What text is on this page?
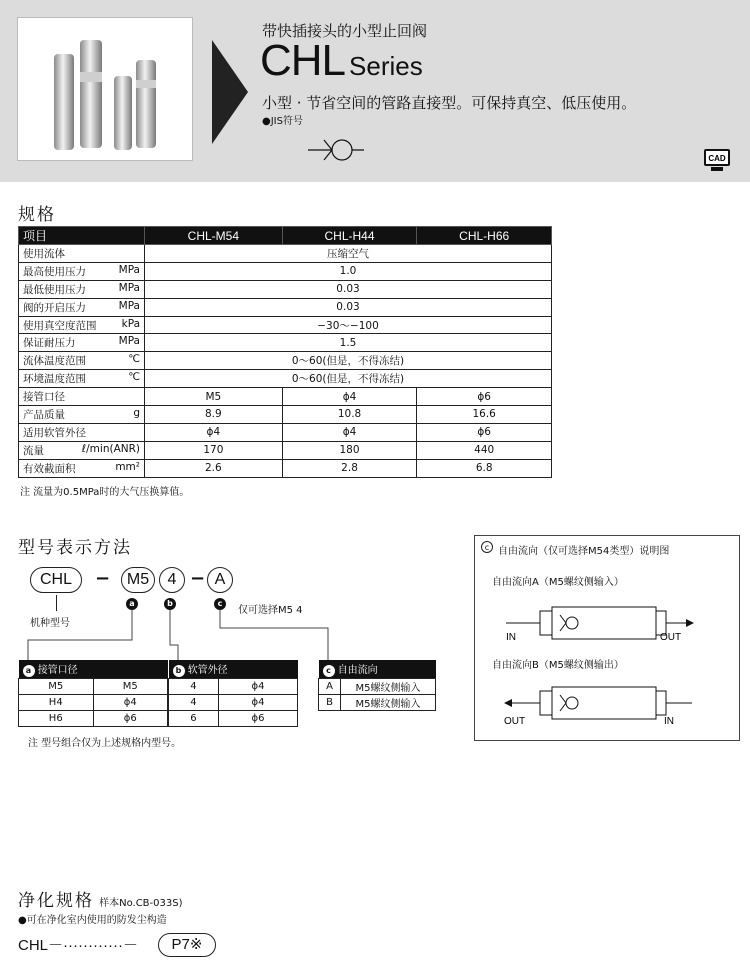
带快插接头的小型止回阀
CHL Series
小型 · 节省空间的管路直接型。可保持真空、低压使用。
●JIS符号
CAD
规格
项目	CHL-M54	CHL-H44	CHL-H66
使用流体	压缩空气		
最高使用压力 MPa	1.0		
最低使用压力 MPa	0.03		
阀的开启压力 MPa	0.03		
使用真空度范围 kPa	−30～−100		
保证耐压力 MPa	1.5		
流体温度范围 ℃	0～60(但是，不得冻结)		
环境温度范围 ℃	0～60(但是，不得冻结)		
接管口径	M5	ϕ4	ϕ6
产品质量 g	8.9	10.8	16.6
适用软管外径	ϕ4	ϕ4	ϕ6
流量 ℓ/min(ANR)	170	180	440
有效截面积 mm²	2.6	2.8	6.8
注 流量为0.5MPa时的大气压换算值。
型号表示方法
CHL	−	M5	4 − A
a	b	c
仅可选择M5 4
机种型号
a 接管口径	
M5	M5
H4	ϕ4
H6	ϕ6
b 软管外径	
4	ϕ4
4	ϕ4
6	ϕ6
c 自由流向	
A	M5螺纹侧输入
B	M5螺纹侧输入
注 型号组合仅为上述规格内型号。
c 自由流向（仅可选择M54类型）说明图
自由流向A（M5螺纹侧输入）
自由流向B（M5螺纹侧输出）
IN	OUT
OUT	IN
净化规格 样本No.CB-033S)
●可在净化室内使用的防发尘构造
CHL－············－	P7※
